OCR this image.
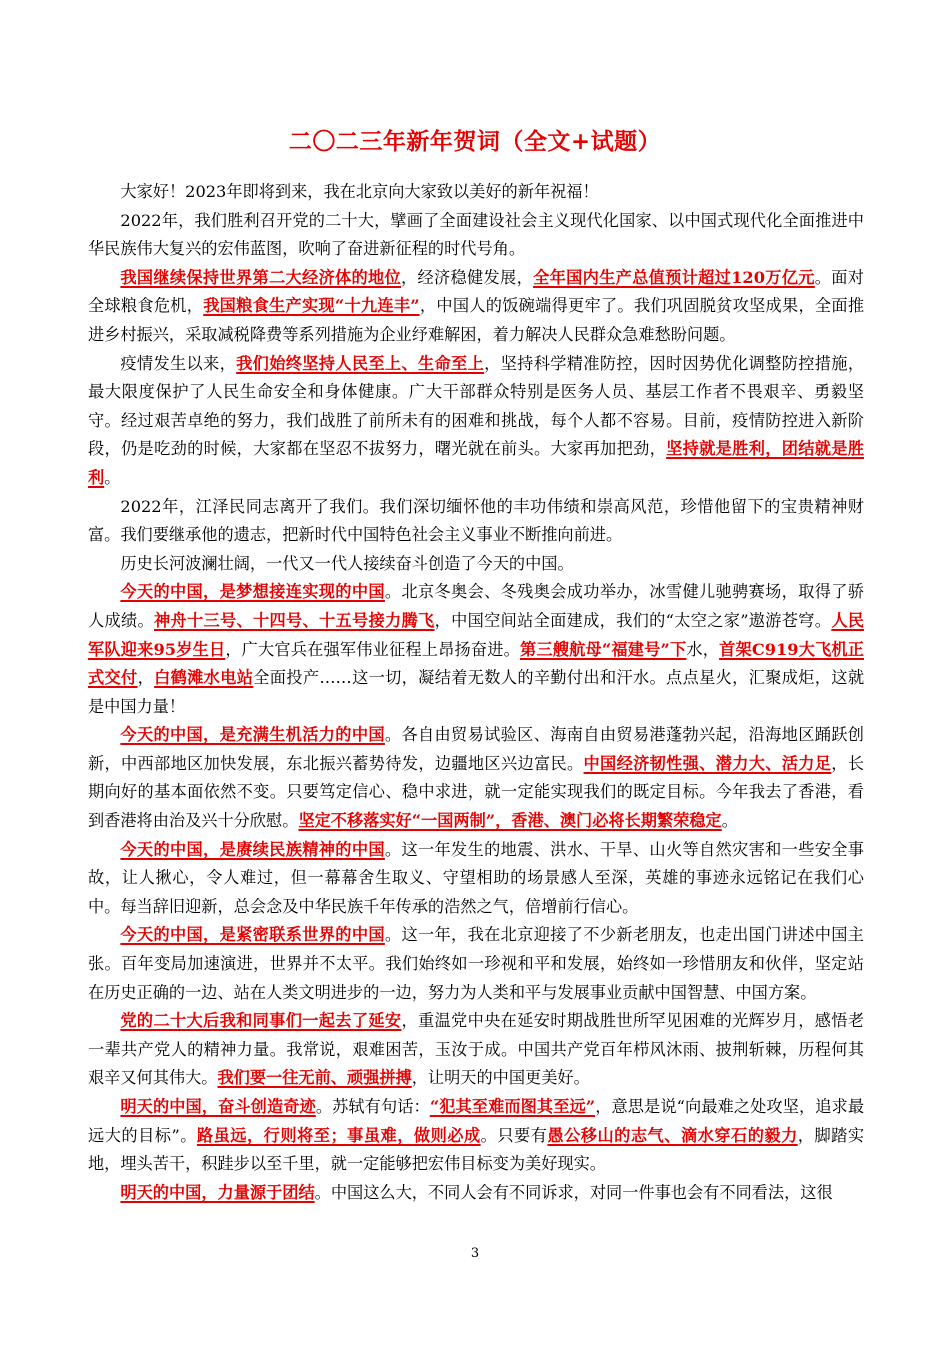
二〇二三年新年贺词（全文+试题）

大家好！2023年即将到来，我在北京向大家致以美好的新年祝福！

2022年，我们胜利召开党的二十大，擘画了全面建设社会主义现代化国家、以中国式现代化全面推进中华民族伟大复兴的宏伟蓝图，吹响了奋进新征程的时代号角。

我国继续保持世界第二大经济体的地位，经济稳健发展，全年国内生产总值预计超过120万亿元。面对全球粮食危机，我国粮食生产实现“十九连丰”，中国人的饭碗端得更牢了。我们巩固脱贫攻坚成果，全面推进乡村振兴，采取减税降费等系列措施为企业纾难解困，着力解决人民群众急难愁盼问题。

疫情发生以来，我们始终坚持人民至上、生命至上，坚持科学精准防控，因时因势优化调整防控措施，最大限度保护了人民生命安全和身体健康。广大干部群众特别是医务人员、基层工作者不畏艰辛、勇毅坚守。经过艰苦卓绝的努力，我们战胜了前所未有的困难和挑战，每个人都不容易。目前，疫情防控进入新阶段，仍是吃劲的时候，大家都在坚忍不拔努力，曙光就在前头。大家再加把劲，坚持就是胜利，团结就是胜利。

2022年，江泽民同志离开了我们。我们深切缅怀他的丰功伟绩和崇高风范，珍惜他留下的宝贵精神财富。我们要继承他的遗志，把新时代中国特色社会主义事业不断推向前进。

历史长河波澜壮阔，一代又一代人接续奋斗创造了今天的中国。

今天的中国，是梦想接连实现的中国。北京冬奥会、冬残奥会成功举办，冰雪健儿驰骋赛场，取得了骄人成绩。神舟十三号、十四号、十五号接力腾飞，中国空间站全面建成，我们的“太空之家”遨游苍穹。人民军队迎来95岁生日，广大官兵在强军伟业征程上昂扬奋进。第三艘航母“福建号”下水，首架C919大飞机正式交付，白鹤滩水电站全面投产……这一切，凝结着无数人的辛勤付出和汗水。点点星火，汇聚成炬，这就是中国力量！

今天的中国，是充满生机活力的中国。各自由贸易试验区、海南自由贸易港蓬勃兴起，沿海地区踊跃创新，中西部地区加快发展，东北振兴蓄势待发，边疆地区兴边富民。中国经济韧性强、潜力大、活力足，长期向好的基本面依然不变。只要笃定信心、稳中求进，就一定能实现我们的既定目标。今年我去了香港，看到香港将由治及兴十分欣慰。坚定不移落实好“一国两制”，香港、澳门必将长期繁荣稳定。

今天的中国，是赓续民族精神的中国。这一年发生的地震、洪水、干旱、山火等自然灾害和一些安全事故，让人揪心，令人难过，但一幕幕舍生取义、守望相助的场景感人至深，英雄的事迹永远铭记在我们心中。每当辞旧迎新，总会念及中华民族千年传承的浩然之气，倍增前行信心。

今天的中国，是紧密联系世界的中国。这一年，我在北京迎接了不少新老朋友，也走出国门讲述中国主张。百年变局加速演进，世界并不太平。我们始终如一珍视和平和发展，始终如一珍惜朋友和伙伴，坚定站在历史正确的一边、站在人类文明进步的一边，努力为人类和平与发展事业贡献中国智慧、中国方案。

党的二十大后我和同事们一起去了延安，重温党中央在延安时期战胜世所罕见困难的光辉岁月，感悟老一辈共产党人的精神力量。我常说，艰难困苦，玉汝于成。中国共产党百年栉风沐雨、披荆斩棘，历程何其艰辛又何其伟大。我们要一往无前、顽强拼搏，让明天的中国更美好。

明天的中国，奋斗创造奇迹。苏轼有句话：“犯其至难而图其至远”，意思是说“向最难之处攻坚，追求最远大的目标”。路虽远，行则将至；事虽难，做则必成。只要有愚公移山的志气、滴水穿石的毅力，脚踏实地，埋头苦干，积跬步以至千里，就一定能够把宏伟目标变为美好现实。

明天的中国，力量源于团结。中国这么大，不同人会有不同诉求，对同一件事也会有不同看法，这很

3
